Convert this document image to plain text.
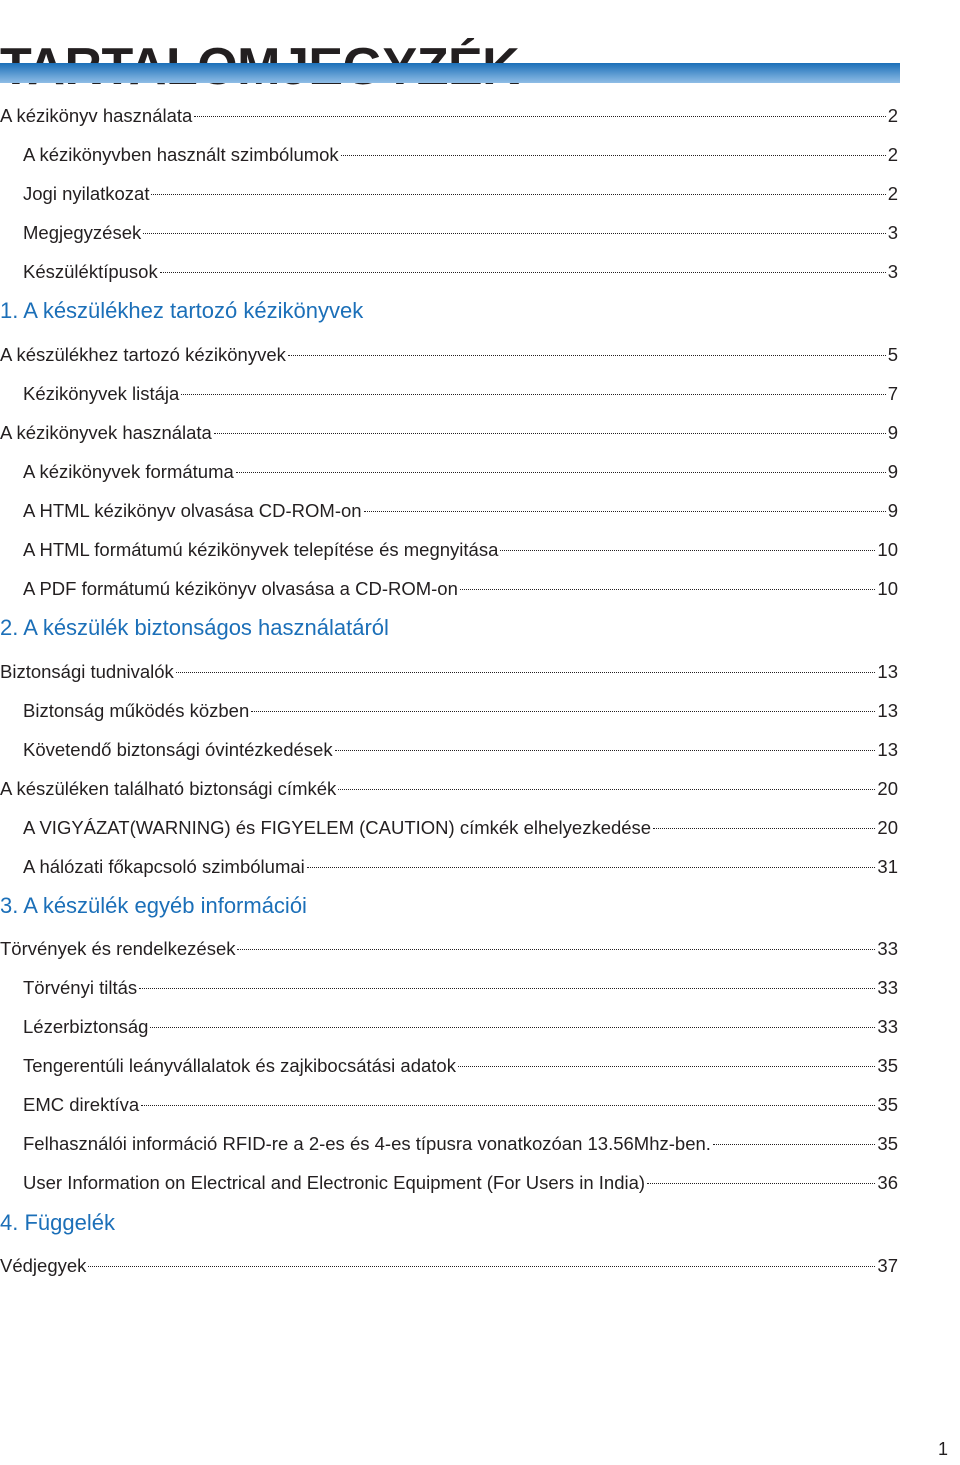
A kézikönyv használata	2
A kézikönyvben használt szimbólumok	2
Jogi nyilatkozat	2
Megjegyzések	3
Készüléktípusok	3
1. A készülékhez tartozó kézikönyvek
A készülékhez tartozó kézikönyvek	5
Kézikönyvek listája	7
A kézikönyvek használata	9
A kézikönyvek formátuma	9
A HTML kézikönyv olvasása CD-ROM-on	9
A HTML formátumú kézikönyvek telepítése és megnyitása	10
A PDF formátumú kézikönyv olvasása a CD-ROM-on	10
2. A készülék biztonságos használatáról
Biztonsági tudnivalók	13
Biztonság működés közben	13
Követendő biztonsági óvintézkedések	13
A készüléken található biztonsági címkék	20
A VIGYÁZAT(WARNING) és FIGYELEM (CAUTION) címkék elhelyezkedése	20
A hálózati főkapcsoló szimbólumai	31
3. A készülék egyéb információi
Törvények és rendelkezések	33
Törvényi tiltás	33
Lézerbiztonság	33
Tengerentúli leányvállalatok és zajkibocsátási adatok	35
EMC direktíva	35
Felhasználói információ RFID-re a 2-es és 4-es típusra vonatkozóan 13.56Mhz-ben.	35
User Information on Electrical and Electronic Equipment (For Users in India)	36
4. Függelék
Védjegyek	37
1
